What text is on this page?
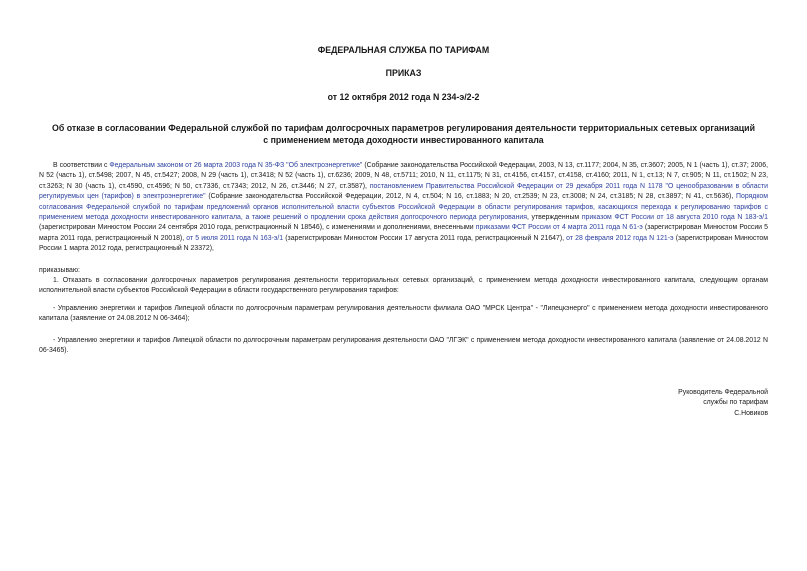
ФЕДЕРАЛЬНАЯ СЛУЖБА ПО ТАРИФАМ
ПРИКАЗ
от 12 октября 2012 года N 234-э/2-2
Об отказе в согласовании Федеральной службой по тарифам долгосрочных параметров регулирования деятельности территориальных сетевых организаций с применением метода доходности инвестированного капитала
В соответствии с Федеральным законом от 26 марта 2003 года N 35-ФЗ "Об электроэнергетике" (Собрание законодательства Российской Федерации, 2003, N 13, ст.1177; 2004, N 35, ст.3607; 2005, N 1 (часть 1), ст.37; 2006, N 52 (часть 1), ст.5498; 2007, N 45, ст.5427; 2008, N 29 (часть 1), ст.3418; N 52 (часть 1), ст.6236; 2009, N 48, ст.5711; 2010, N 11, ст.1175; N 31, ст.4156, ст.4157, ст.4158, ст.4160; 2011, N 1, ст.13; N 7, ст.905; N 11, ст.1502; N 23, ст.3263; N 30 (часть 1), ст.4590, ст.4596; N 50, ст.7336, ст.7343; 2012, N 26, ст.3446; N 27, ст.3587), постановлением Правительства Российской Федерации от 29 декабря 2011 года N 1178 "О ценообразовании в области регулируемых цен (тарифов) в электроэнергетике" (Собрание законодательства Российской Федерации, 2012, N 4, ст.504; N 16, ст.1883; N 20, ст.2539; N 23, ст.3008; N 24, ст.3185; N 28, ст.3897; N 41, ст.5636), Порядком согласования Федеральной службой по тарифам предложений органов исполнительной власти субъектов Российской Федерации в области регулирования тарифов, касающихся перехода к регулированию тарифов с применением метода доходности инвестированного капитала, а также решений о продлении срока действия долгосрочного периода регулирования, утвержденным приказом ФСТ России от 18 августа 2010 года N 183-э/1 (зарегистрирован Минюстом России 24 сентября 2010 года, регистрационный N 18546), с изменениями и дополнениями, внесенными приказами ФСТ России от 4 марта 2011 года N 61-э (зарегистрирован Минюстом России 5 марта 2011 года, регистрационный N 20018), от 5 июля 2011 года N 163-э/1 (зарегистрирован Минюстом России 17 августа 2011 года, регистрационный N 21647), от 28 февраля 2012 года N 121-э (зарегистрирован Минюстом России 1 марта 2012 года, регистрационный N 23372),
приказываю:
1. Отказать в согласовании долгосрочных параметров регулирования деятельности территориальных сетевых организаций, с применением метода доходности инвестированного капитала, следующим органам исполнительной власти субъектов Российской Федерации в области государственного регулирования тарифов:
- Управлению энергетики и тарифов Липецкой области по долгосрочным параметрам регулирования деятельности филиала ОАО "МРСК Центра" - "Липецкэнерго" с применением метода доходности инвестированного капитала (заявление от 24.08.2012 N 06-3464);
- Управлению энергетики и тарифов Липецкой области по долгосрочным параметрам регулирования деятельности ОАО "ЛГЭК" с применением метода доходности инвестированного капитала (заявление от 24.08.2012 N 06-3465).
Руководитель Федеральной
службы по тарифам
С.Новиков
